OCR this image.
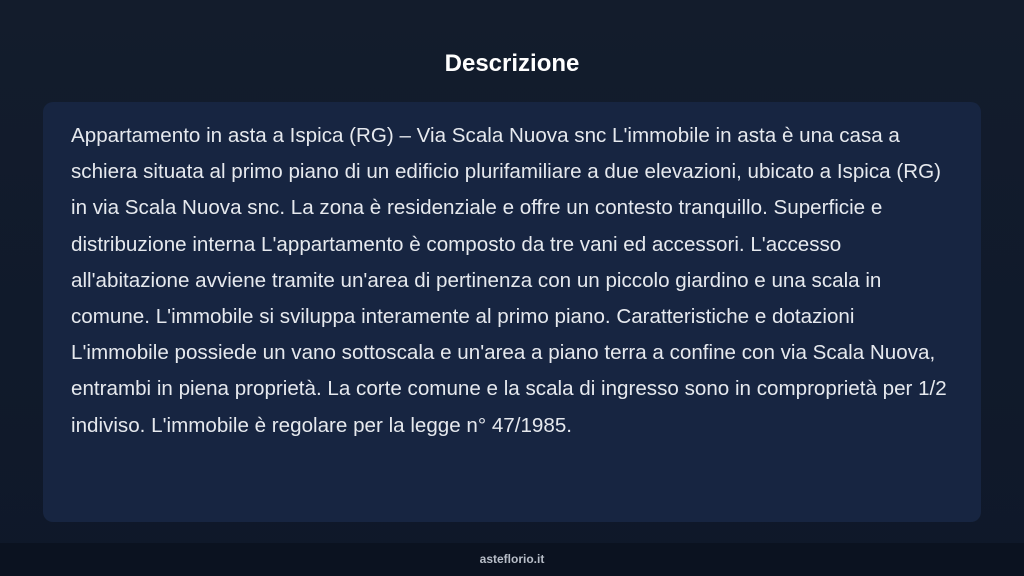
Descrizione

Appartamento in asta a Ispica (RG) – Via Scala Nuova snc L'immobile in asta è una casa a schiera situata al primo piano di un edificio plurifamiliare a due elevazioni, ubicato a Ispica (RG) in via Scala Nuova snc. La zona è residenziale e offre un contesto tranquillo. Superficie e distribuzione interna L'appartamento è composto da tre vani ed accessori. L'accesso all'abitazione avviene tramite un'area di pertinenza con un piccolo giardino e una scala in comune. L'immobile si sviluppa interamente al primo piano. Caratteristiche e dotazioni L'immobile possiede un vano sottoscala e un'area a piano terra a confine con via Scala Nuova, entrambi in piena proprietà. La corte comune e la scala di ingresso sono in comproprietà per 1/2 indiviso. L'immobile è regolare per la legge n° 47/1985.

asteflorio.it
